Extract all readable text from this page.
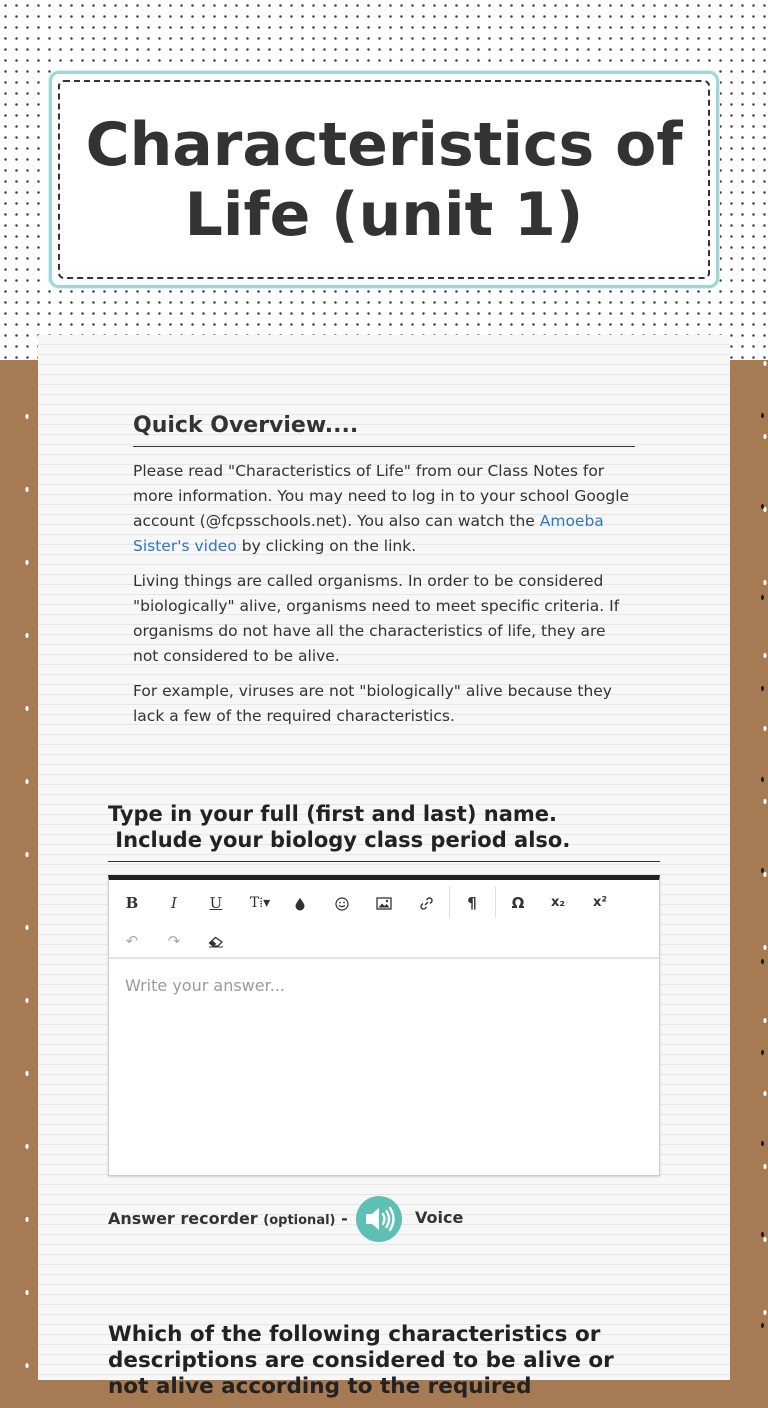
Characteristics of Life (unit 1)
Quick Overview....

Please read "Characteristics of Life" from our Class Notes for more information. You may need to log in to your school Google account (@fcpsschools.net). You also can watch the Amoeba Sister's video by clicking on the link.

Living things are called organisms. In order to be considered "biologically" alive, organisms need to meet specific criteria. If organisms do not have all the characteristics of life, they are not considered to be alive.

For example, viruses are not "biologically" alive because they lack a few of the required characteristics.

Type in your full (first and last) name.
Include your biology class period also.
B	I	U	T⁞▾	¶	Ω	x₂	x²
↶	↷
Write your answer...
Answer recorder (optional) -	Voice
Which of the following characteristics or descriptions are considered to be alive or not alive according to the required
